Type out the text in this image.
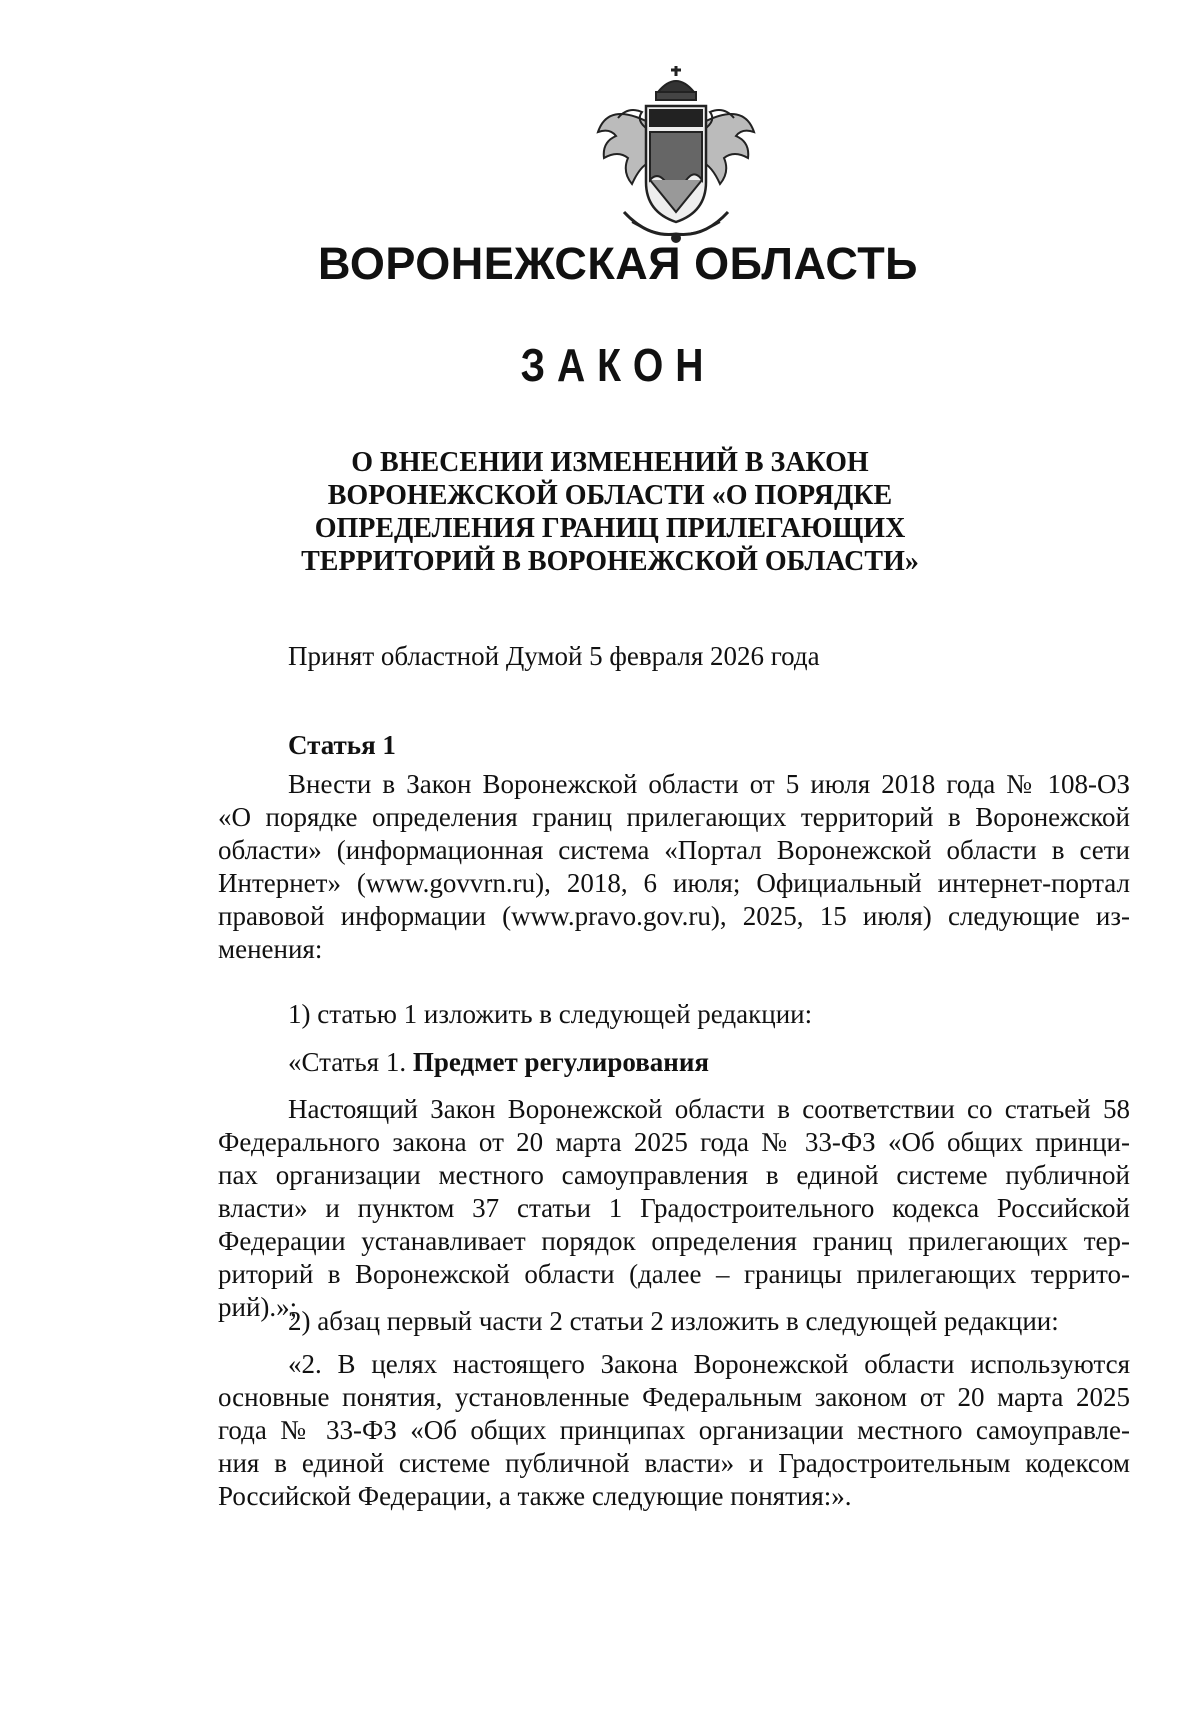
ВОРОНЕЖСКАЯ ОБЛАСТЬ
ЗАКОН
О ВНЕСЕНИИ ИЗМЕНЕНИЙ В ЗАКОН
ВОРОНЕЖСКОЙ ОБЛАСТИ «О ПОРЯДКЕ
ОПРЕДЕЛЕНИЯ ГРАНИЦ ПРИЛЕГАЮЩИХ
ТЕРРИТОРИЙ В ВОРОНЕЖСКОЙ ОБЛАСТИ»

Принят областной Думой 5 февраля 2026 года

Статья 1

Внести в Закон Воронежской области от 5 июля 2018 года № 108-ОЗ
«О порядке определения границ прилегающих территорий в Воронежской
области» (информационная система «Портал Воронежской области в сети
Интернет» (www.govvrn.ru), 2018, 6 июля; Официальный интернет-портал
правовой информации (www.pravo.gov.ru), 2025, 15 июля) следующие из-
менения:

1) статью 1 изложить в следующей редакции:

«Статья 1. Предмет регулирования

Настоящий Закон Воронежской области в соответствии со статьей 58
Федерального закона от 20 марта 2025 года № 33-ФЗ «Об общих принци-
пах организации местного самоуправления в единой системе публичной
власти» и пунктом 37 статьи 1 Градостроительного кодекса Российской
Федерации устанавливает порядок определения границ прилегающих тер-
риторий в Воронежской области (далее – границы прилегающих террито-
рий).»;

2) абзац первый части 2 статьи 2 изложить в следующей редакции:

«2. В целях настоящего Закона Воронежской области используются
основные понятия, установленные Федеральным законом от 20 марта 2025
года № 33-ФЗ «Об общих принципах организации местного самоуправле-
ния в единой системе публичной власти» и Градостроительным кодексом
Российской Федерации, а также следующие понятия:».
